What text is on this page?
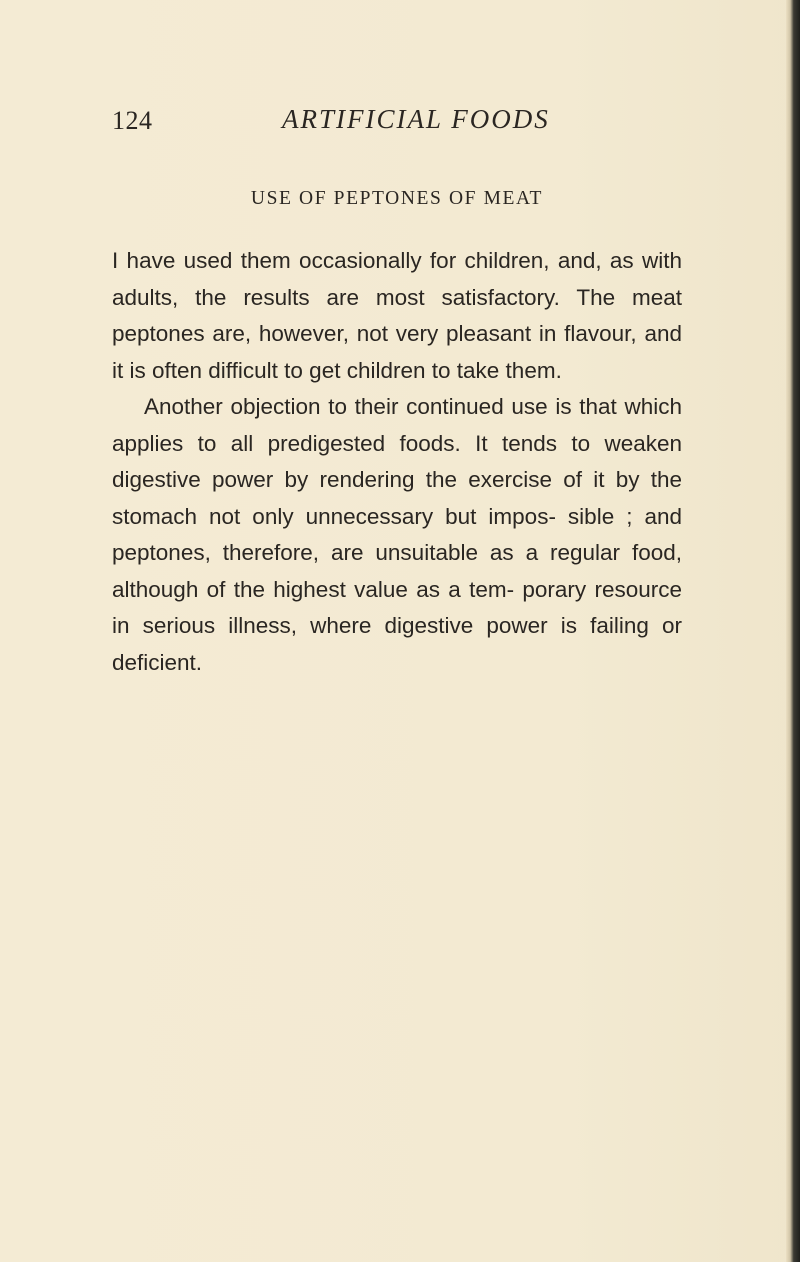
124	ARTIFICIAL FOODS
USE OF PEPTONES OF MEAT

I have used them occasionally for children, and, as with adults, the results are most satisfactory. The meat peptones are, however, not very pleasant in flavour, and it is often difficult to get children to take them.

Another objection to their continued use is that which applies to all predigested foods. It tends to weaken digestive power by rendering the exercise of it by the stomach not only unnecessary but impos- sible ; and peptones, therefore, are unsuitable as a regular food, although of the highest value as a tem- porary resource in serious illness, where digestive power is failing or deficient.
